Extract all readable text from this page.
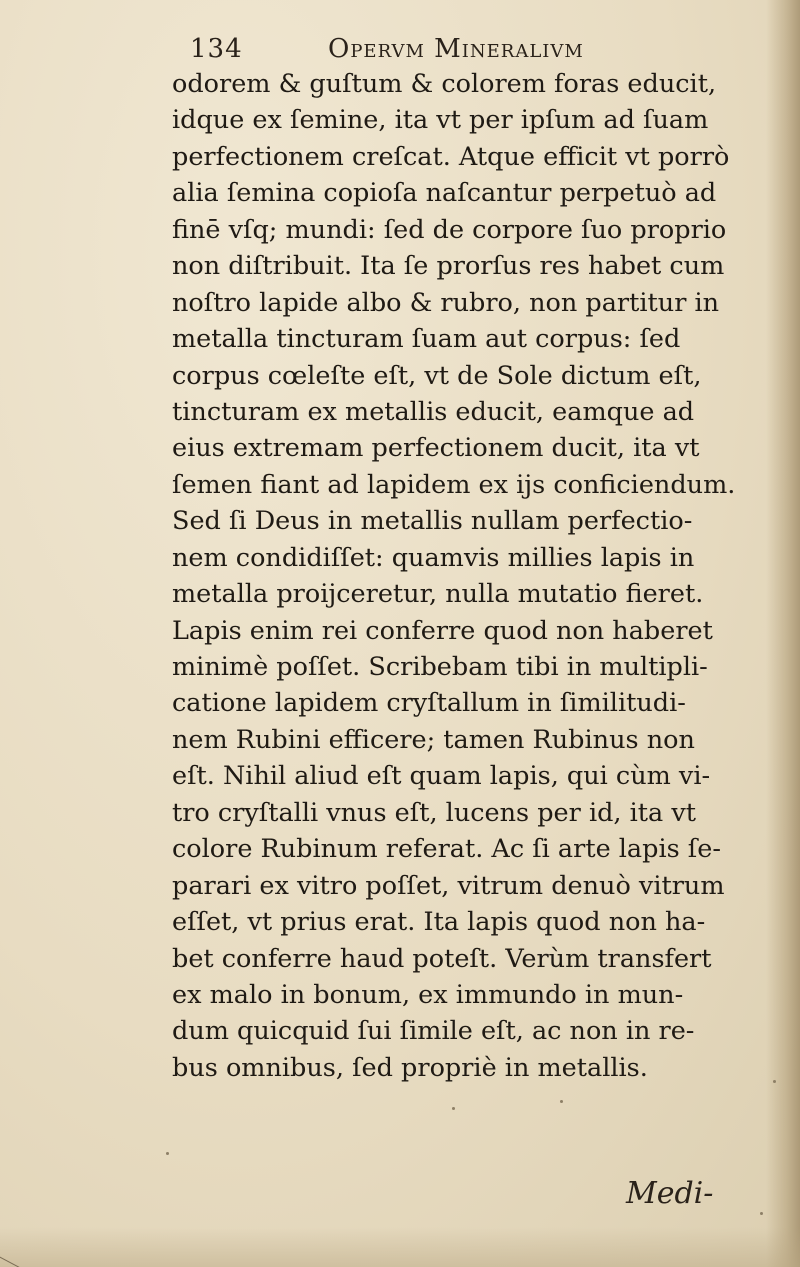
134	Opervm Mineralivm
odorem & guſtum & colorem foras educit,
idque ex ſemine, ita vt per ipſum ad ſuam
perfectionem creſcat. Atque efficit vt porrò
alia ſemina copioſa naſcantur perpetuò ad
finē vſq; mundi: ſed de corpore ſuo proprio
non diſtribuit. Ita ſe prorſus res habet cum
noſtro lapide albo & rubro, non partitur in
metalla tincturam ſuam aut corpus: ſed
corpus cœleſte eſt, vt de Sole dictum eſt,
tincturam ex metallis educit, eamque ad
eius extremam perfectionem ducit, ita vt
ſemen fiant ad lapidem ex ijs conficiendum.
Sed ſi Deus in metallis nullam perfectio-
nem condidiſſet: quamvis millies lapis in
metalla proijceretur, nulla mutatio fieret.
Lapis enim rei conferre quod non haberet
minimè poſſet. Scribebam tibi in multipli-
catione lapidem cryſtallum in ſimilitudi-
nem Rubini efficere; tamen Rubinus non
eſt. Nihil aliud eſt quam lapis, qui cùm vi-
tro cryſtalli vnus eſt, lucens per id, ita vt
colore Rubinum referat. Ac ſi arte lapis ſe-
parari ex vitro poſſet, vitrum denuò vitrum
eſſet, vt prius erat. Ita lapis quod non ha-
bet conferre haud poteſt. Verùm transfert
ex malo in bonum, ex immundo in mun-
dum quicquid ſui ſimile eſt, ac non in re-
bus omnibus, ſed propriè in metallis.
Medi-
